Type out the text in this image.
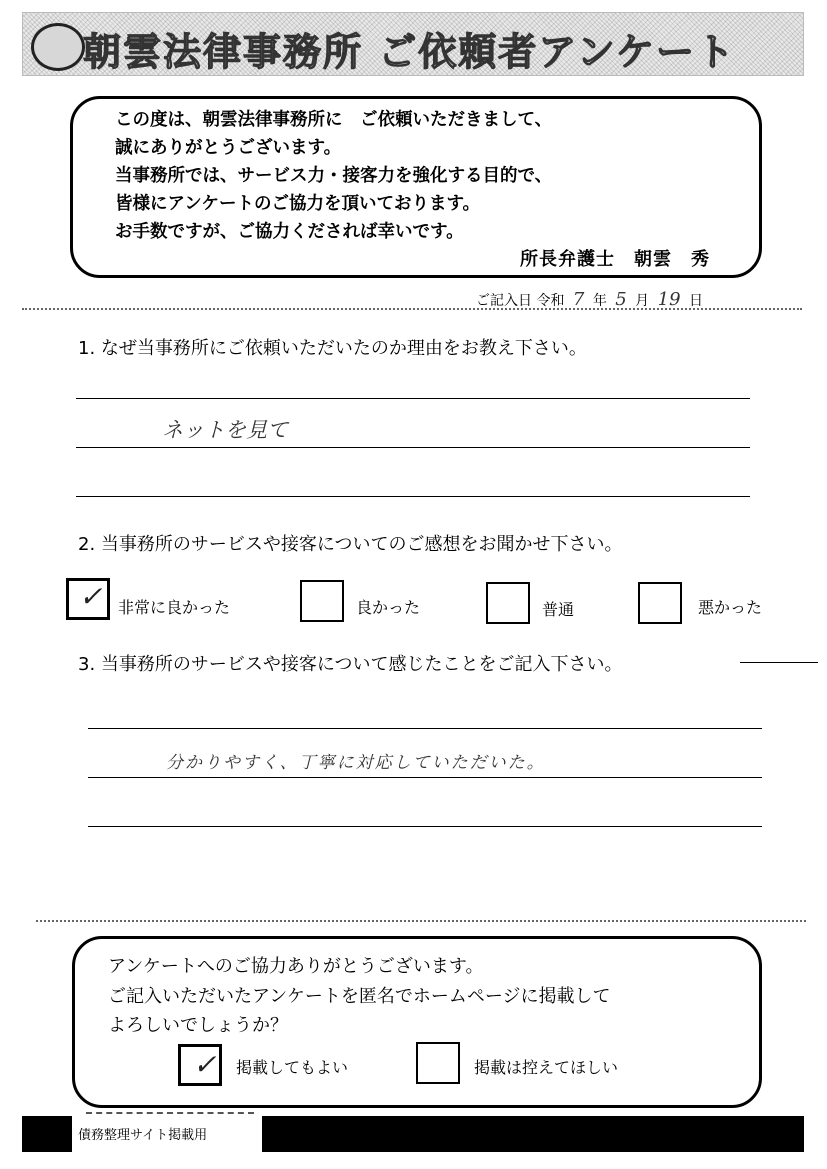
朝雲法律事務所 ご依頼者アンケート
この度は、朝雲法律事務所に　ご依頼いただきまして、
誠にありがとうございます。
当事務所では、サービス力・接客力を強化する目的で、
皆様にアンケートのご協力を頂いております。
お手数ですが、ご協力くだされば幸いです。
所長弁護士　朝雲　秀
ご記入日 令和 7 年 5 月 19 日
1. なぜ当事務所にご依頼いただいたのか理由をお教え下さい。
ネットを見て
2. 当事務所のサービスや接客についてのご感想をお聞かせ下さい。
✓ 非常に良かった	良かった	普通	悪かった
3. 当事務所のサービスや接客について感じたことをご記入下さい。
分かりやすく、丁寧に対応していただいた。
アンケートへのご協力ありがとうございます。
ご記入いただいたアンケートを匿名でホームページに掲載して
よろしいでしょうか？
✓ 掲載してもよい	掲載は控えてほしい
債務整理サイト掲載用
